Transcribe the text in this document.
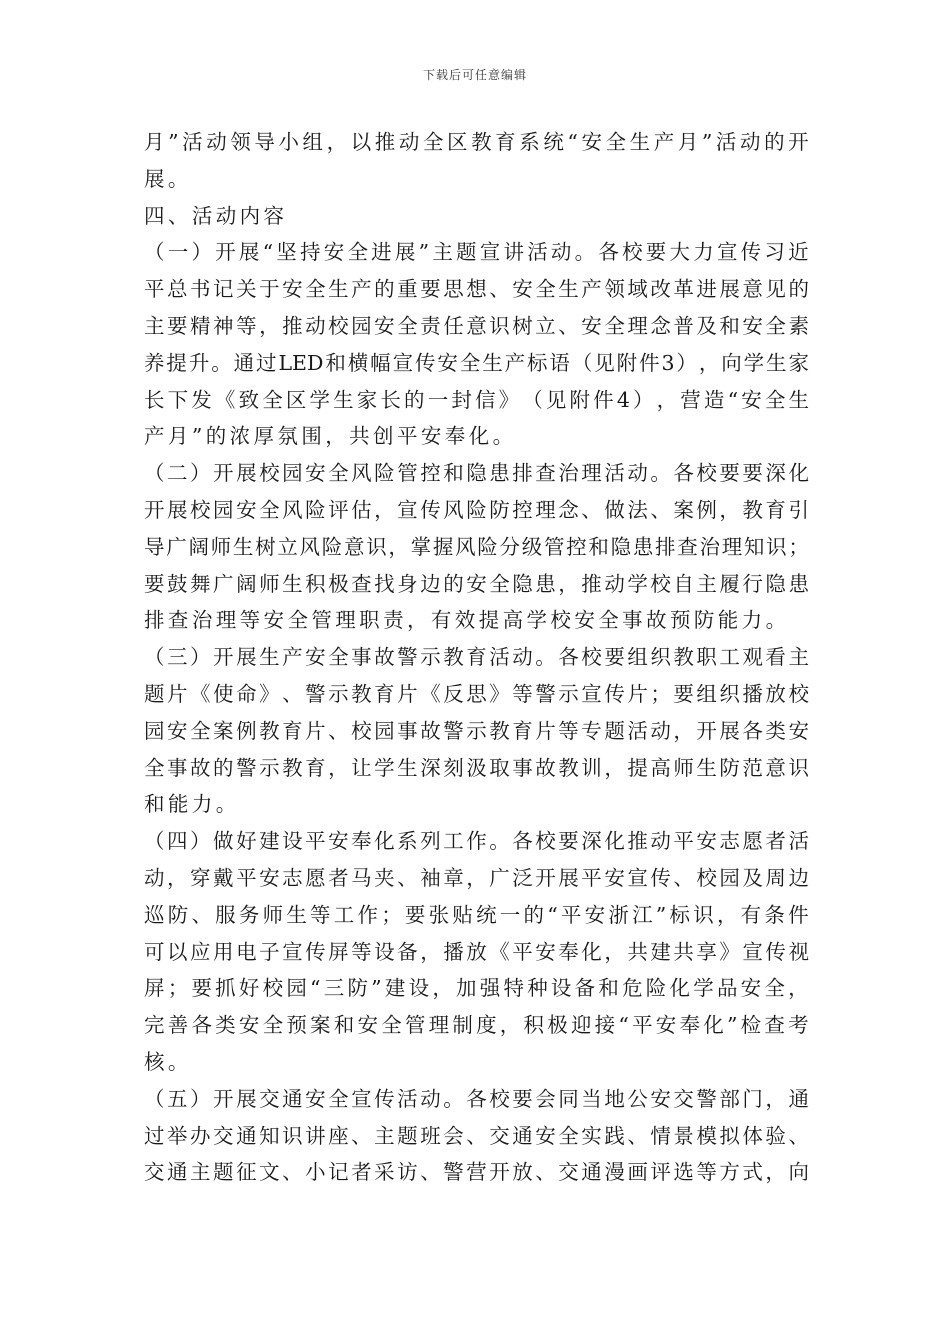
下载后可任意编辑
月 ” 活 动 领 导 小 组 ， 以 推 动 全 区 教 育 系 统 “ 安 全 生 产 月 ” 活 动 的 开
展 。
四 、 活 动 内 容
（ 一 ） 开 展 “ 坚 持 安 全 进 展 ” 主 题 宣 讲 活 动 。 各 校 要 大 力 宣 传 习 近
平 总 书 记 关 于 安 全 生 产 的 重 要 思 想 、 安 全 生 产 领 域 改 革 进 展 意 见 的
主 要 精 神 等 ， 推 动 校 园 安 全 责 任 意 识 树 立 、 安 全 理 念 普 及 和 安 全 素
养 提 升 。 通 过 LED 和 横 幅 宣 传 安 全 生 产 标 语 （ 见 附 件 3 ） ， 向 学 生 家
长 下 发 《 致 全 区 学 生 家 长 的 一 封 信 》 （ 见 附 件 4 ） ， 营 造 “ 安 全 生
产 月 ” 的 浓 厚 氛 围 ， 共 创 平 安 奉 化 。
（ 二 ） 开 展 校 园 安 全 风 险 管 控 和 隐 患 排 查 治 理 活 动 。 各 校 要 要 深 化
开 展 校 园 安 全 风 险 评 估 ， 宣 传 风 险 防 控 理 念 、 做 法 、 案 例 ， 教 育 引
导 广 阔 师 生 树 立 风 险 意 识 ， 掌 握 风 险 分 级 管 控 和 隐 患 排 查 治 理 知 识 ；
要 鼓 舞 广 阔 师 生 积 极 查 找 身 边 的 安 全 隐 患 ， 推 动 学 校 自 主 履 行 隐 患
排 查 治 理 等 安 全 管 理 职 责 ， 有 效 提 高 学 校 安 全 事 故 预 防 能 力 。
（ 三 ） 开 展 生 产 安 全 事 故 警 示 教 育 活 动 。 各 校 要 组 织 教 职 工 观 看 主
题 片 《 使 命 》 、 警 示 教 育 片 《 反 思 》 等 警 示 宣 传 片 ； 要 组 织 播 放 校
园 安 全 案 例 教 育 片 、 校 园 事 故 警 示 教 育 片 等 专 题 活 动 ， 开 展 各 类 安
全 事 故 的 警 示 教 育 ， 让 学 生 深 刻 汲 取 事 故 教 训 ， 提 高 师 生 防 范 意 识
和 能 力 。
（ 四 ） 做 好 建 设 平 安 奉 化 系 列 工 作 。 各 校 要 深 化 推 动 平 安 志 愿 者 活
动 ， 穿 戴 平 安 志 愿 者 马 夹 、 袖 章 ， 广 泛 开 展 平 安 宣 传 、 校 园 及 周 边
巡 防 、 服 务 师 生 等 工 作 ； 要 张 贴 统 一 的 “ 平 安 浙 江 ” 标 识 ， 有 条 件
可 以 应 用 电 子 宣 传 屏 等 设 备 ， 播 放 《 平 安 奉 化 ， 共 建 共 享 》 宣 传 视
屏 ； 要 抓 好 校 园 “ 三 防 ” 建 设 ， 加 强 特 种 设 备 和 危 险 化 学 品 安 全 ，
完 善 各 类 安 全 预 案 和 安 全 管 理 制 度 ， 积 极 迎 接 “ 平 安 奉 化 ” 检 查 考
核 。
（ 五 ） 开 展 交 通 安 全 宣 传 活 动 。 各 校 要 会 同 当 地 公 安 交 警 部 门 ， 通
过 举 办 交 通 知 识 讲 座 、 主 题 班 会 、 交 通 安 全 实 践 、 情 景 模 拟 体 验 、
交 通 主 题 征 文 、 小 记 者 采 访 、 警 营 开 放 、 交 通 漫 画 评 选 等 方 式 ， 向
